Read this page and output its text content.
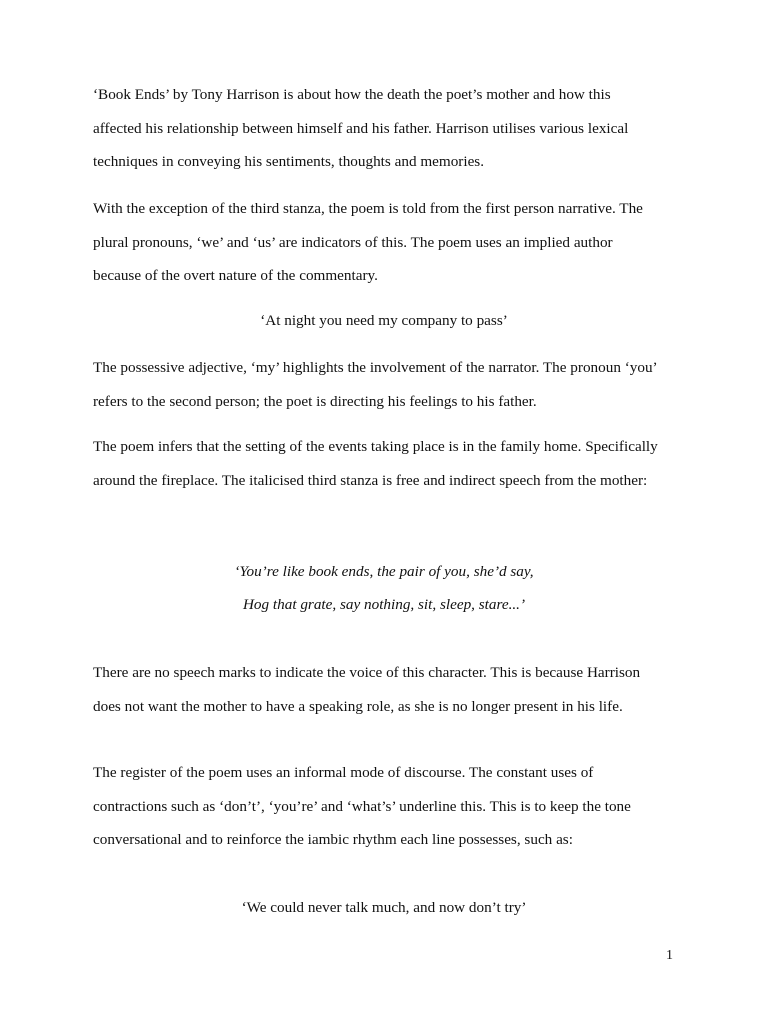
‘Book Ends’ by Tony Harrison is about how the death the poet’s mother and how this
affected his relationship between himself and his father. Harrison utilises various lexical
techniques in conveying his sentiments, thoughts and memories.
With the exception of the third stanza, the poem is told from the first person narrative. The
plural pronouns, ‘we’ and ‘us’ are indicators of this. The poem uses an implied author
because of the overt nature of the commentary.

‘At night you need my company to pass’

The possessive adjective, ‘my’ highlights the involvement of the narrator. The pronoun ‘you’
refers to the second person; the poet is directing his feelings to his father.
The poem infers that the setting of the events taking place is in the family home. Specifically
around the fireplace. The italicised third stanza is free and indirect speech from the mother:

‘You’re like book ends, the pair of you, she’d say,

Hog that grate, say nothing, sit, sleep, stare...’

There are no speech marks to indicate the voice of this character. This is because Harrison
does not want the mother to have a speaking role, as she is no longer present in his life.
The register of the poem uses an informal mode of discourse. The constant uses of
contractions such as ‘don’t’, ‘you’re’ and ‘what’s’ underline this. This is to keep the tone
conversational and to reinforce the iambic rhythm each line possesses, such as:

‘We could never talk much, and now don’t try’

1
